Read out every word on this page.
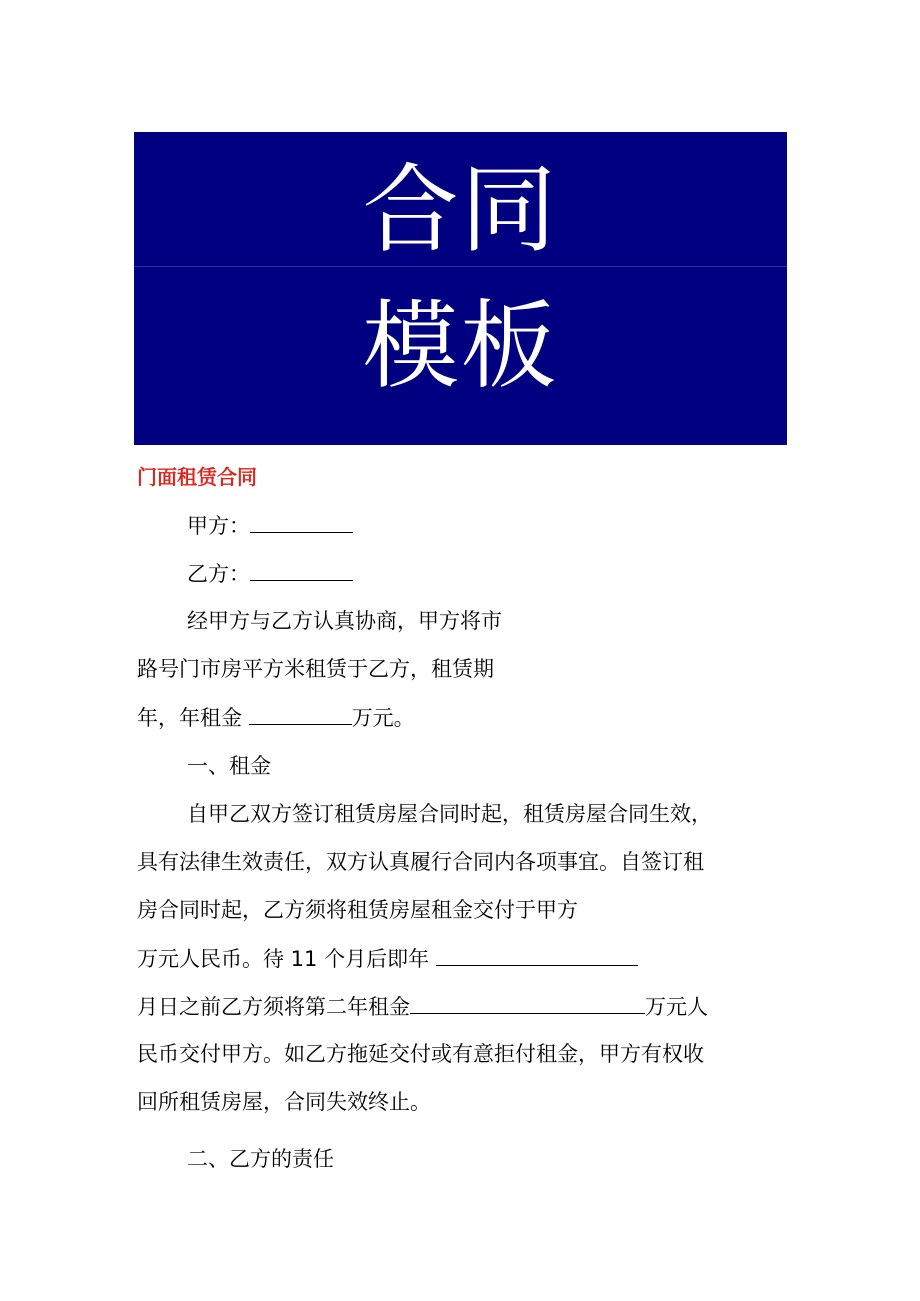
合同
模板
门面租赁合同
甲方：
乙方：
经甲方与乙方认真协商，甲方将市
路号门市房平方米租赁于乙方，租赁期
年，年租金	万元。
一、租金
自甲乙双方签订租赁房屋合同时起，租赁房屋合同生效，
具有法律生效责任，双方认真履行合同内各项事宜。自签订租
房合同时起，乙方须将租赁房屋租金交付于甲方
万元人民币。待 11 个月后即年
月日之前乙方须将第二年租金	万元人
民币交付甲方。如乙方拖延交付或有意拒付租金，甲方有权收
回所租赁房屋，合同失效终止。
二、乙方的责任
